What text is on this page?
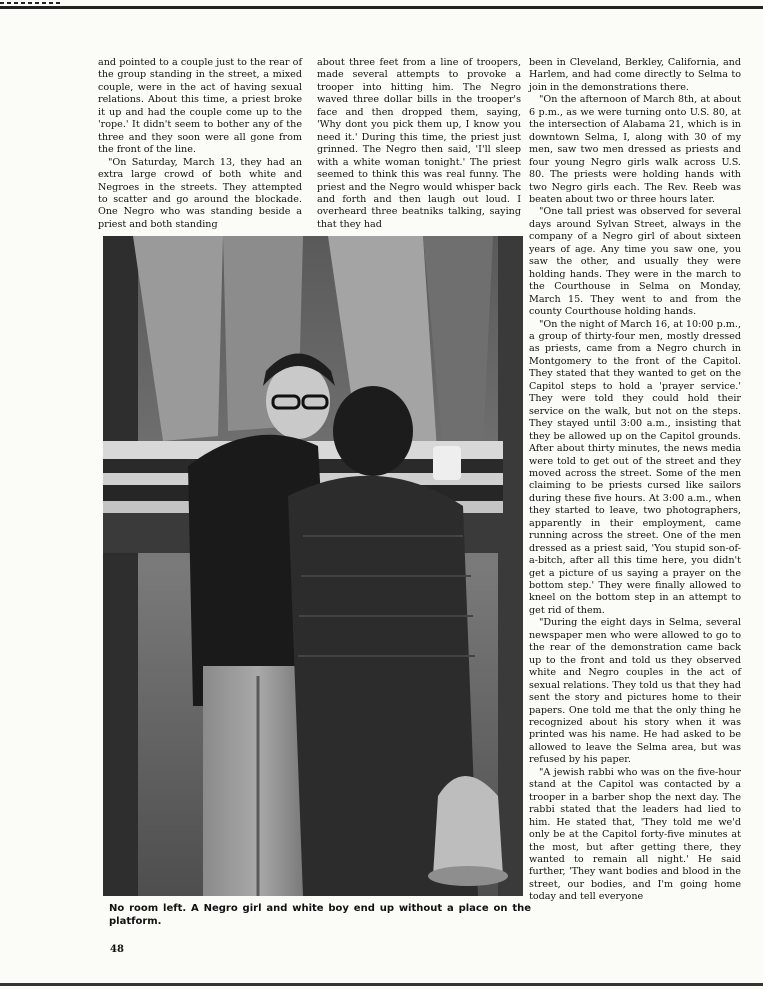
and pointed to a couple just to the rear of the group standing in the street, a mixed couple, were in the act of having sexual relations. About this time, a priest broke it up and had the couple come up to the 'rope.' It didn't seem to bother any of the three and they soon were all gone from the front of the line.

"On Saturday, March 13, they had an extra large crowd of both white and Negroes in the streets. They attempted to scatter and go around the blockade. One Negro who was standing beside a priest and both standing

about three feet from a line of troopers, made several attempts to provoke a trooper into hitting him. The Negro waved three dollar bills in the trooper's face and then dropped them, saying, 'Why dont you pick them up, I know you need it.' During this time, the priest just grinned. The Negro then said, 'I'll sleep with a white woman tonight.' The priest seemed to think this was real funny. The priest and the Negro would whisper back and forth and then laugh out loud. I overheard three beatniks talking, saying that they had

been in Cleveland, Berkley, California, and Harlem, and had come directly to Selma to join in the demonstrations there.

"On the afternoon of March 8th, at about 6 p.m., as we were turning onto U.S. 80, at the intersection of Alabama 21, which is in downtown Selma, I, along with 30 of my men, saw two men dressed as priests and four young Negro girls walk across U.S. 80. The priests were holding hands with two Negro girls each. The Rev. Reeb was beaten about two or three hours later.

"One tall priest was observed for several days around Sylvan Street, always in the company of a Negro girl of about sixteen years of age. Any time you saw one, you saw the other, and usually they were holding hands. They were in the march to the Courthouse in Selma on Monday, March 15. They went to and from the county Courthouse holding hands.

"On the night of March 16, at 10:00 p.m., a group of thirty-four men, mostly dressed as priests, came from a Negro church in Montgomery to the front of the Capitol. They stated that they wanted to get on the Capitol steps to hold a 'prayer service.' They were told they could hold their service on the walk, but not on the steps. They stayed until 3:00 a.m., insisting that they be allowed up on the Capitol grounds. After about thirty minutes, the news media were told to get out of the street and they moved across the street. Some of the men claiming to be priests cursed like sailors during these five hours. At 3:00 a.m., when they started to leave, two photographers, apparently in their employment, came running across the street. One of the men dressed as a priest said, 'You stupid son-of-a-bitch, after all this time here, you didn't get a picture of us saying a prayer on the bottom step.' They were finally allowed to kneel on the bottom step in an attempt to get rid of them.

"During the eight days in Selma, several newspaper men who were allowed to go to the rear of the demonstration came back up to the front and told us they observed white and Negro couples in the act of sexual relations. They told us that they had sent the story and pictures home to their papers. One told me that the only thing he recognized about his story when it was printed was his name. He had asked to be allowed to leave the Selma area, but was refused by his paper.

"A jewish rabbi who was on the five-hour stand at the Capitol was contacted by a trooper in a barber shop the next day. The rabbi stated that the leaders had lied to him. He stated that, 'They told me we'd only be at the Capitol forty-five minutes at the most, but after getting there, they wanted to remain all night.' He said further, 'They want bodies and blood in the street, our bodies, and I'm going home today and tell everyone

No room left. A Negro girl and white boy end up without a place on the platform.
48
